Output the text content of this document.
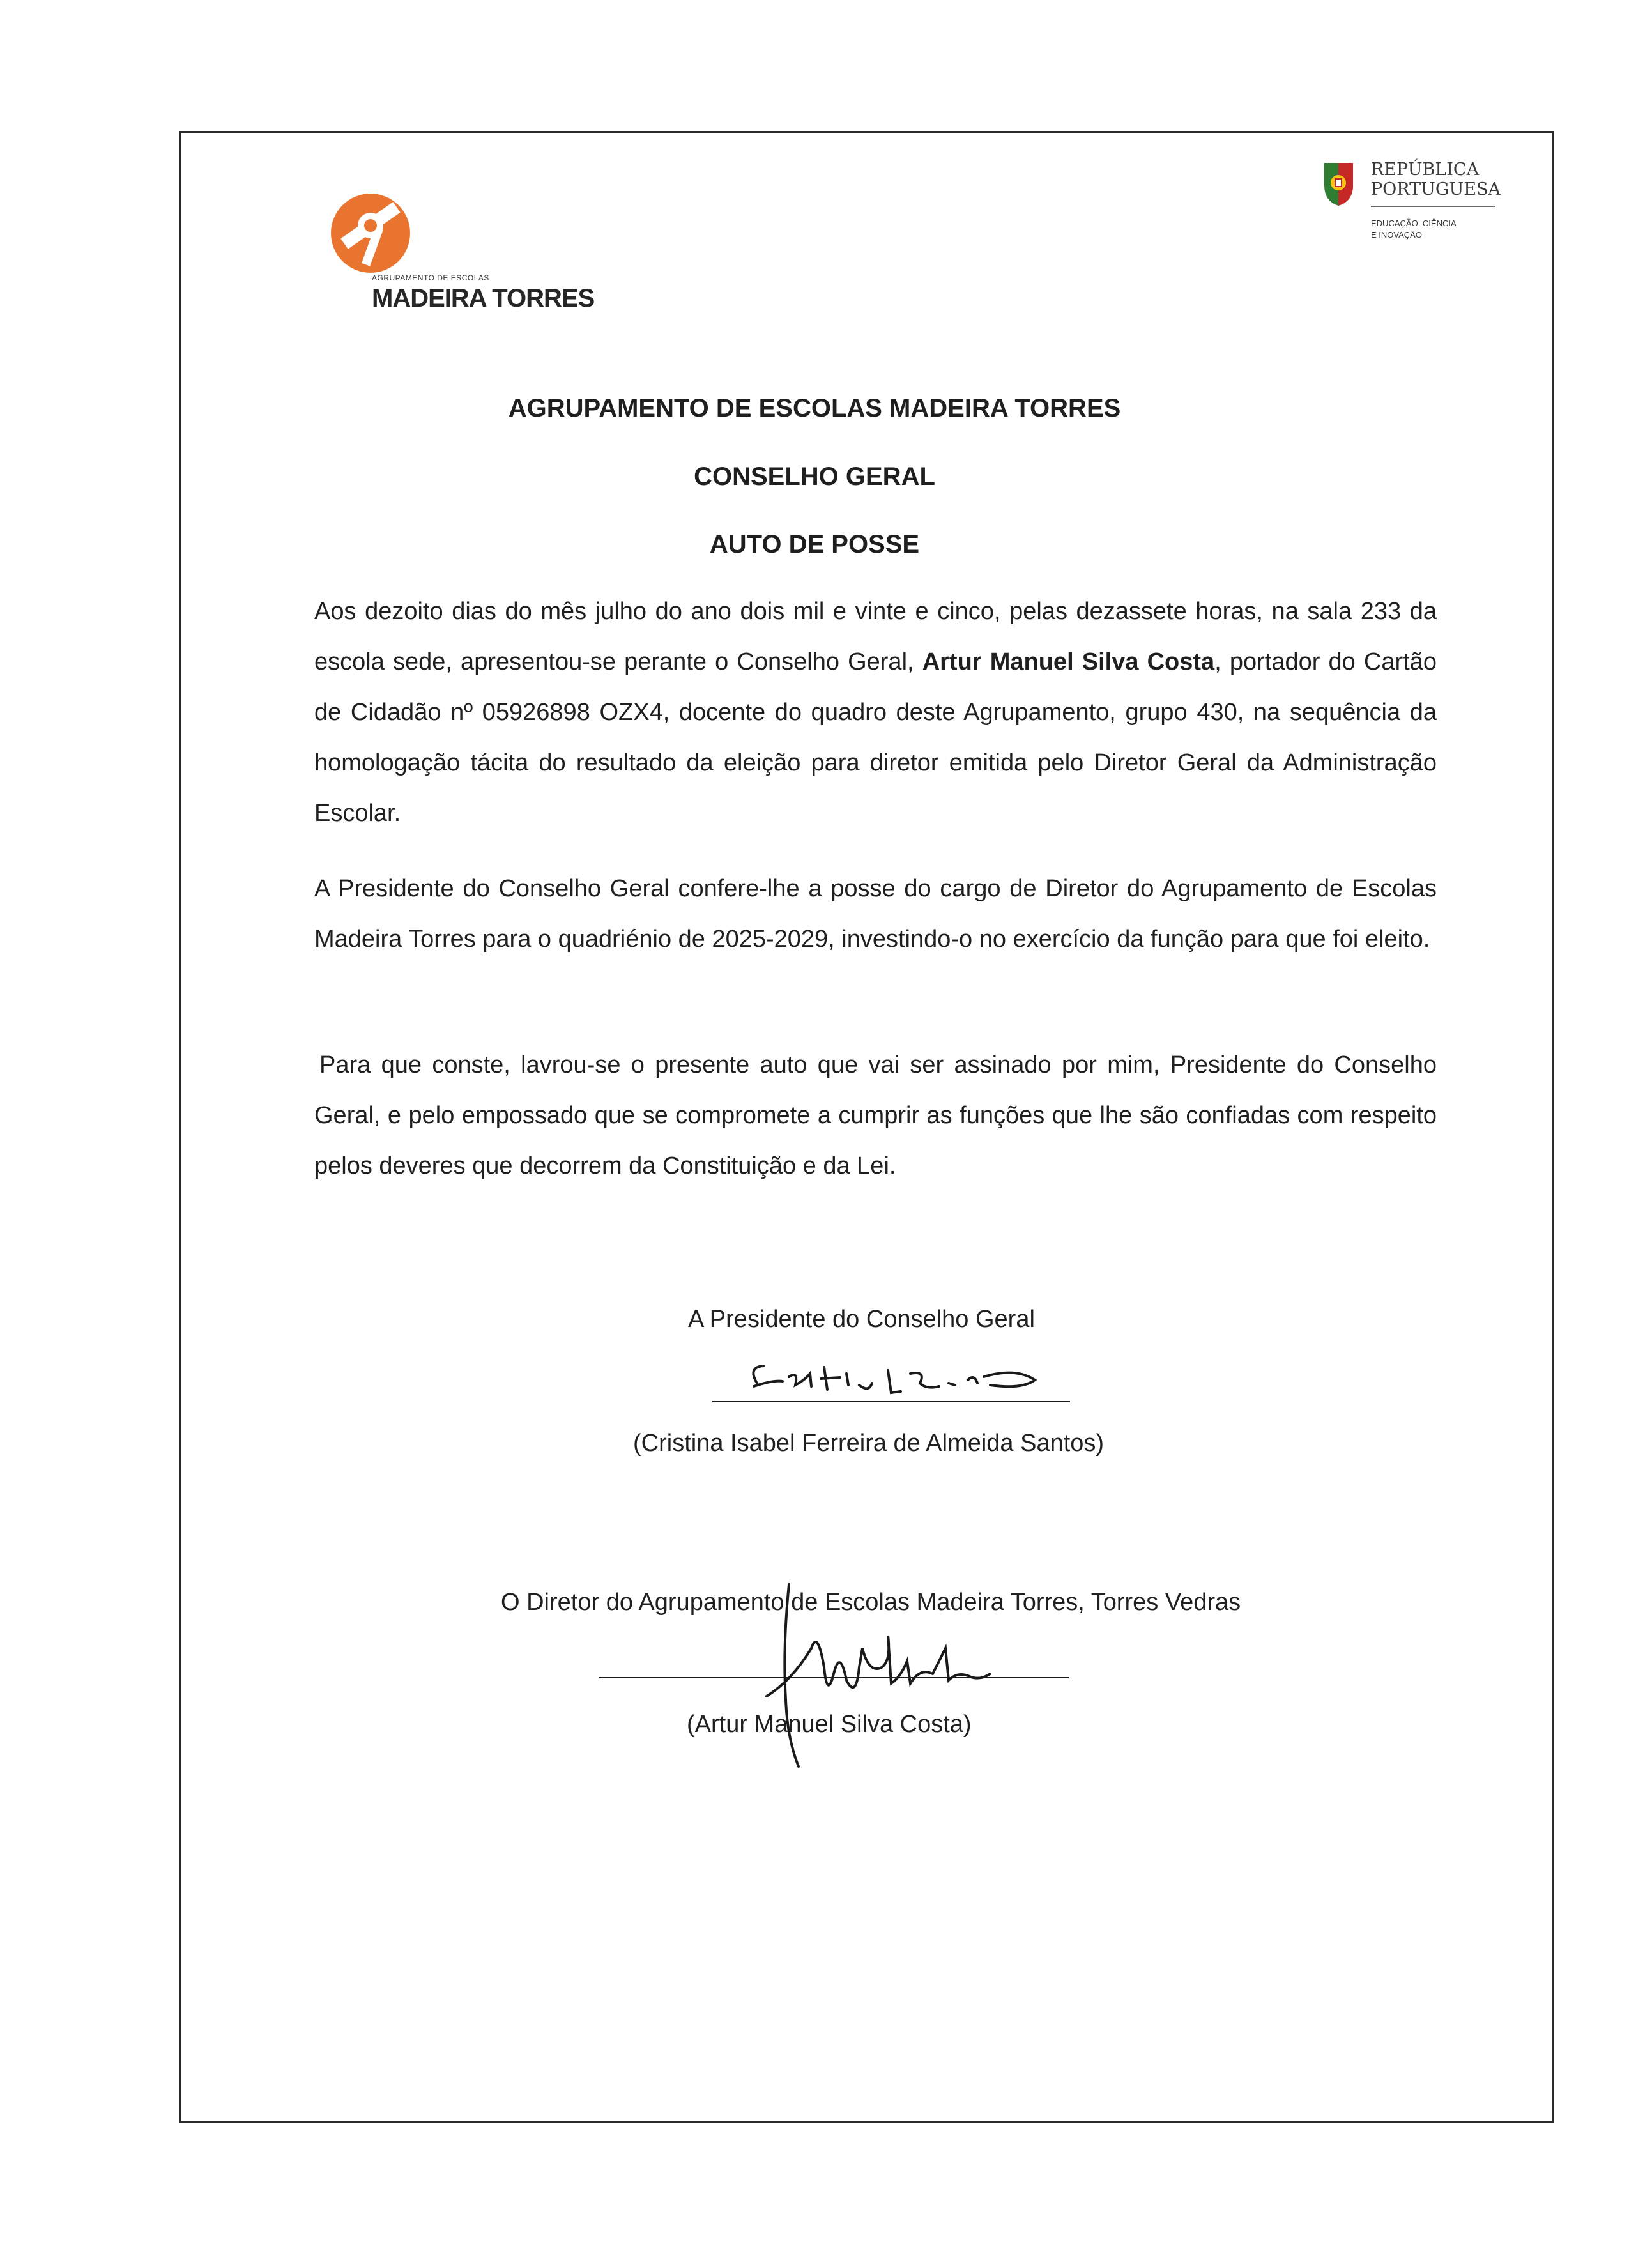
AGRUPAMENTO DE ESCOLAS
MADEIRA TORRES
REPÚBLICA
PORTUGUESA
EDUCAÇÃO, CIÊNCIA
E INOVAÇÃO
AGRUPAMENTO DE ESCOLAS MADEIRA TORRES
CONSELHO GERAL
AUTO DE POSSE
Aos dezoito dias do mês julho do ano dois mil e vinte e cinco, pelas dezassete horas, na sala 233 da escola sede, apresentou-se perante o Conselho Geral, Artur Manuel Silva Costa, portador do Cartão de Cidadão nº 05926898 OZX4, docente do quadro deste Agrupamento, grupo 430, na sequência da homologação tácita do resultado da eleição para diretor emitida pelo Diretor Geral da Administração Escolar.
A Presidente do Conselho Geral confere-lhe a posse do cargo de Diretor do Agrupamento de Escolas Madeira Torres para o quadriénio de 2025-2029, investindo-o no exercício da função para que foi eleito.
Para que conste, lavrou-se o presente auto que vai ser assinado por mim, Presidente do Conselho Geral, e pelo empossado que se compromete a cumprir as funções que lhe são confiadas com respeito pelos deveres que decorrem da Constituição e da Lei.
A Presidente do Conselho Geral
(Cristina Isabel Ferreira de Almeida Santos)
O Diretor do Agrupamento de Escolas Madeira Torres, Torres Vedras
(Artur Manuel Silva Costa)
